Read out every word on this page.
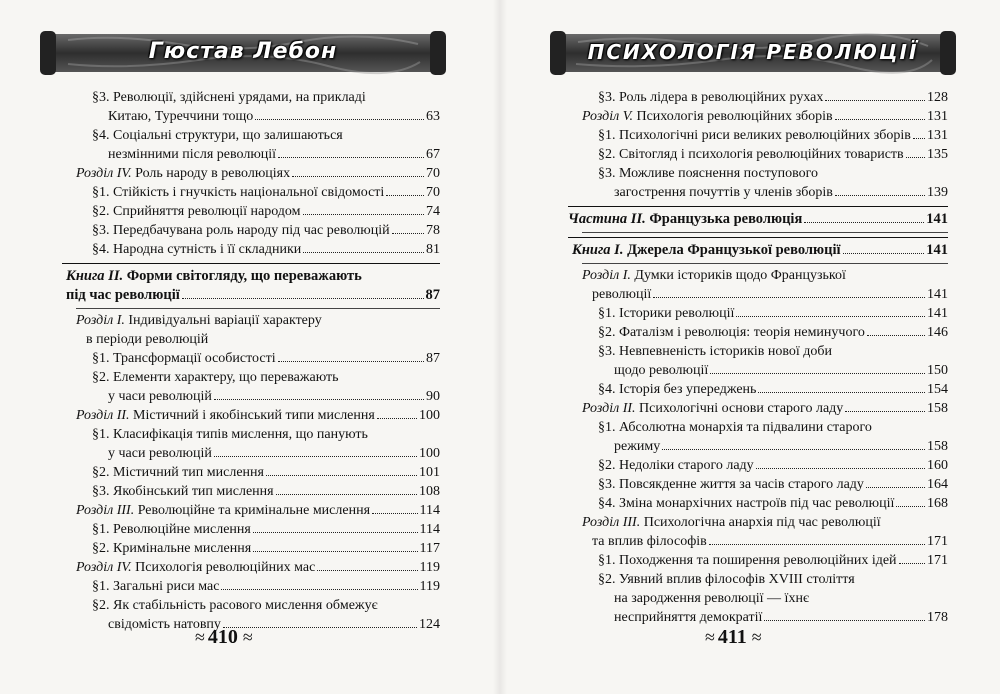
Гюстав Лебон
§3. Революції, здійснені урядами, на прикладі
Китаю, Туреччини тощо	63
§4. Соціальні структури, що залишаються
незмінними після революції	67
Розділ IV. Роль народу в революціях	70
§1. Стійкість і гнучкість національної свідомості	70
§2. Сприйняття революції народом	74
§3. Передбачувана роль народу під час революцій	78
§4. Народна сутність і її складники	81
Книга II. Форми світогляду, що переважають
під час революції	87
Розділ I. Індивідуальні варіації характеру
в періоди революцій
§1. Трансформації особистості	87
§2. Елементи характеру, що переважають
у часи революцій	90
Розділ II. Містичний і якобінський типи мислення	100
§1. Класифікація типів мислення, що панують
у часи революцій	100
§2. Містичний тип мислення	101
§3. Якобінський тип мислення	108
Розділ III. Революційне та кримінальне мислення	114
§1. Революційне мислення	114
§2. Кримінальне мислення	117
Розділ IV. Психологія революційних мас	119
§1. Загальні риси мас	119
§2. Як стабільність расового мислення обмежує
свідомість натовпу	124
≈ 410 ≈
ПСИХОЛОГІЯ РЕВОЛЮЦІЇ
§3. Роль лідера в революційних рухах	128
Розділ V. Психологія революційних зборів	131
§1. Психологічні риси великих революційних зборів 131
§2. Світогляд і психологія революційних товариств 135
§3. Можливе пояснення поступового
загострення почуттів у членів зборів	139
Частина II. Французька революція	141
Книга I. Джерела Французької революції	141
Розділ I. Думки істориків щодо Французької
революції	141
§1. Історики революції	141
§2. Фаталізм і революція: теорія неминучого	146
§3. Невпевненість істориків нової доби
щодо революції	150
§4. Історія без упереджень	154
Розділ II. Психологічні основи старого ладу	158
§1. Абсолютна монархія та підвалини старого
режиму	158
§2. Недоліки старого ладу	160
§3. Повсякденне життя за часів старого ладу	164
§4. Зміна монархічних настроїв під час революції 168
Розділ III. Психологічна анархія під час революції
та вплив філософів	171
§1. Походження та поширення революційних ідей 171
§2. Уявний вплив філософів XVIII століття
на зародження революції — їхнє
несприйняття демократії	178
≈ 411 ≈
